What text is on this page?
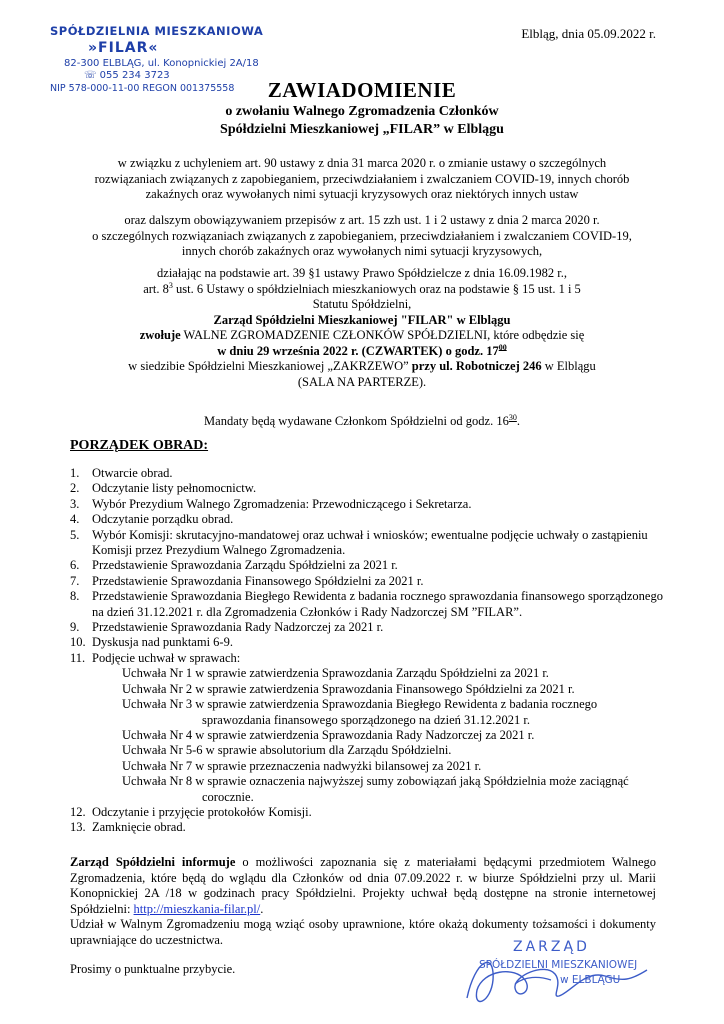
SPÓŁDZIELNIA MIESZKANIOWA
»FILAR«
82-300 ELBLĄG, ul. Konopnickiej 2A/18
☏ 055 234 3723
NIP 578-000-11-00 REGON 001375558
Elbląg, dnia 05.09.2022 r.
ZAWIADOMIENIE
o zwołaniu Walnego Zgromadzenia Członków
Spółdzielni Mieszkaniowej „FILAR” w Elblągu
w związku z uchyleniem art. 90 ustawy z dnia 31 marca 2020 r. o zmianie ustawy o szczególnych
rozwiązaniach związanych z zapobieganiem, przeciwdziałaniem i zwalczaniem COVID-19, innych chorób
zakaźnych oraz wywołanych nimi sytuacji kryzysowych oraz niektórych innych ustaw
oraz dalszym obowiązywaniem przepisów z art. 15 zzh ust. 1 i 2 ustawy z dnia 2 marca 2020 r.
o szczególnych rozwiązaniach związanych z zapobieganiem, przeciwdziałaniem i zwalczaniem COVID-19,
innych chorób zakaźnych oraz wywołanych nimi sytuacji kryzysowych,
działając na podstawie art. 39 §1 ustawy Prawo Spółdzielcze z dnia 16.09.1982 r.,
art. $8^3$ ust. 6 Ustawy o spółdzielniach mieszkaniowych oraz na podstawie § 15 ust. 1 i 5
Statutu Spółdzielni,
Zarząd Spółdzielni Mieszkaniowej "FILAR" w Elblągu
zwołuje WALNE ZGROMADZENIE CZŁONKÓW SPÓŁDZIELNI, które odbędzie się
w dniu 29 września 2022 r. (CZWARTEK) o godz. $17^{00}$
w siedzibie Spółdzielni Mieszkaniowej „ZAKRZEWO” przy ul. Robotniczej 246 w Elblągu
(SALA NA PARTERZE).
Mandaty będą wydawane Członkom Spółdzielni od godz. $16^{30}$.
PORZĄDEK OBRAD:
1. Otwarcie obrad.
2. Odczytanie listy pełnomocnictw.
3. Wybór Prezydium Walnego Zgromadzenia: Przewodniczącego i Sekretarza.
4. Odczytanie porządku obrad.
5. Wybór Komisji: skrutacyjno-mandatowej oraz uchwał i wniosków; ewentualne podjęcie uchwały o zastąpieniu Komisji przez Prezydium Walnego Zgromadzenia.
6. Przedstawienie Sprawozdania Zarządu Spółdzielni za 2021 r.
7. Przedstawienie Sprawozdania Finansowego Spółdzielni za 2021 r.
8. Przedstawienie Sprawozdania Biegłego Rewidenta z badania rocznego sprawozdania finansowego sporządzonego na dzień 31.12.2021 r. dla Zgromadzenia Członków i Rady Nadzorczej SM ”FILAR”.
9. Przedstawienie Sprawozdania Rady Nadzorczej za 2021 r.
10. Dyskusja nad punktami 6-9.
11. Podjęcie uchwał w sprawach:
Uchwała Nr 1 w sprawie zatwierdzenia Sprawozdania Zarządu Spółdzielni za 2021 r.
Uchwała Nr 2 w sprawie zatwierdzenia Sprawozdania Finansowego Spółdzielni za 2021 r.
Uchwała Nr 3 w sprawie zatwierdzenia Sprawozdania Biegłego Rewidenta z badania rocznego
sprawozdania finansowego sporządzonego na dzień 31.12.2021 r.
Uchwała Nr 4 w sprawie zatwierdzenia Sprawozdania Rady Nadzorczej za 2021 r.
Uchwała Nr 5-6 w sprawie absolutorium dla Zarządu Spółdzielni.
Uchwała Nr 7 w sprawie przeznaczenia nadwyżki bilansowej za 2021 r.
Uchwała Nr 8 w sprawie oznaczenia najwyższej sumy zobowiązań jaką Spółdzielnia może zaciągnąć
corocznie.
12. Odczytanie i przyjęcie protokołów Komisji.
13. Zamknięcie obrad.
Zarząd Spółdzielni informuje o możliwości zapoznania się z materiałami będącymi przedmiotem Walnego Zgromadzenia, które będą do wglądu dla Członków od dnia 07.09.2022 r. w biurze Spółdzielni przy ul. Marii Konopnickiej 2A /18 w godzinach pracy Spółdzielni. Projekty uchwał będą dostępne na stronie internetowej Spółdzielni: http://mieszkania-filar.pl/.
Udział w Walnym Zgromadzeniu mogą wziąć osoby uprawnione, które okażą dokumenty tożsamości i dokumenty uprawniające do uczestnictwa.
Prosimy o punktualne przybycie.
ZARZĄD
SPÓŁDZIELNI MIESZKANIOWEJ
w ELBLĄGU
